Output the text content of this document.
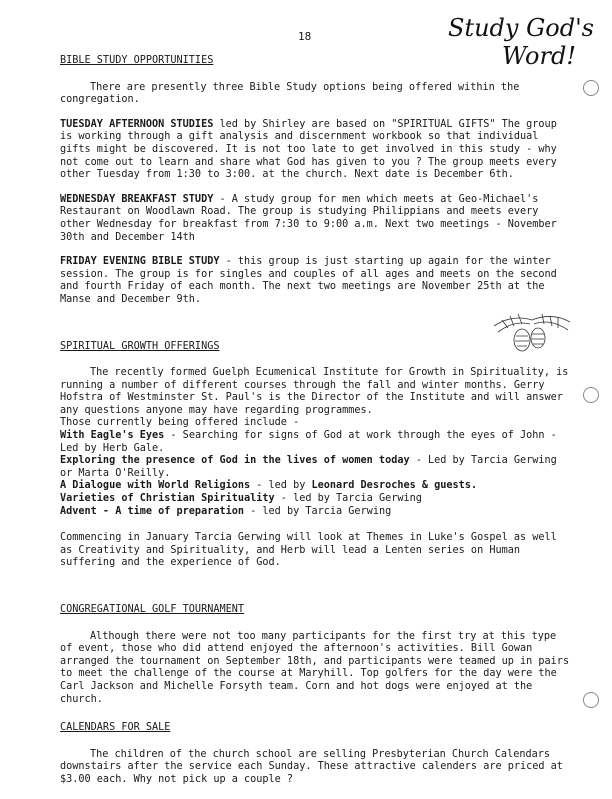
18	Study God's
Word!
BIBLE STUDY OPPORTUNITIES
There are presently three Bible Study options being offered within the congregation.
TUESDAY AFTERNOON STUDIES led by Shirley are based on "SPIRITUAL GIFTS" The group is working through a gift analysis and discernment workbook so that individual gifts might be discovered. It is not too late to get involved in this study - why not come out to learn and share what God has given to you ? The group meets every other Tuesday from 1:30 to 3:00. at the church. Next date is December 6th.
WEDNESDAY BREAKFAST STUDY - A study group for men which meets at Geo-Michael's Restaurant on Woodlawn Road. The group is studying Philippians and meets every other Wednesday for breakfast from 7:30 to 9:00 a.m. Next two meetings - November 30th and December 14th
FRIDAY EVENING BIBLE STUDY - this group is just starting up again for the winter session. The group is for singles and couples of all ages and meets on the second and fourth Friday of each month. The next two meetings are November 25th at the Manse and December 9th.
SPIRITUAL GROWTH OFFERINGS
The recently formed Guelph Ecumenical Institute for Growth in Spirituality, is running a number of different courses through the fall and winter months. Gerry Hofstra of Westminster St. Paul's is the Director of the Institute and will answer any questions anyone may have regarding programmes.
Those currently being offered include -
With Eagle's Eyes - Searching for signs of God at work through the eyes of John - Led by Herb Gale.
Exploring the presence of God in the lives of women today - Led by Tarcia Gerwing or Marta O'Reilly.
A Dialogue with World Religions - led by Leonard Desroches & guests.
Varieties of Christian Spirituality - led by Tarcia Gerwing
Advent - A time of preparation - led by Tarcia Gerwing
Commencing in January Tarcia Gerwing will look at Themes in Luke's Gospel as well as Creativity and Spirituality, and Herb will lead a Lenten series on Human suffering and the experience of God.
CONGREGATIONAL GOLF TOURNAMENT
Although there were not too many participants for the first try at this type of event, those who did attend enjoyed the afternoon's activities. Bill Gowan arranged the tournament on September 18th, and participants were teamed up in pairs to meet the challenge of the course at Maryhill. Top golfers for the day were the Carl Jackson and Michelle Forsyth team. Corn and hot dogs were enjoyed at the church.
CALENDARS FOR SALE
The children of the church school are selling Presbyterian Church Calendars downstairs after the service each Sunday. These attractive calenders are priced at $3.00 each. Why not pick up a couple ?
